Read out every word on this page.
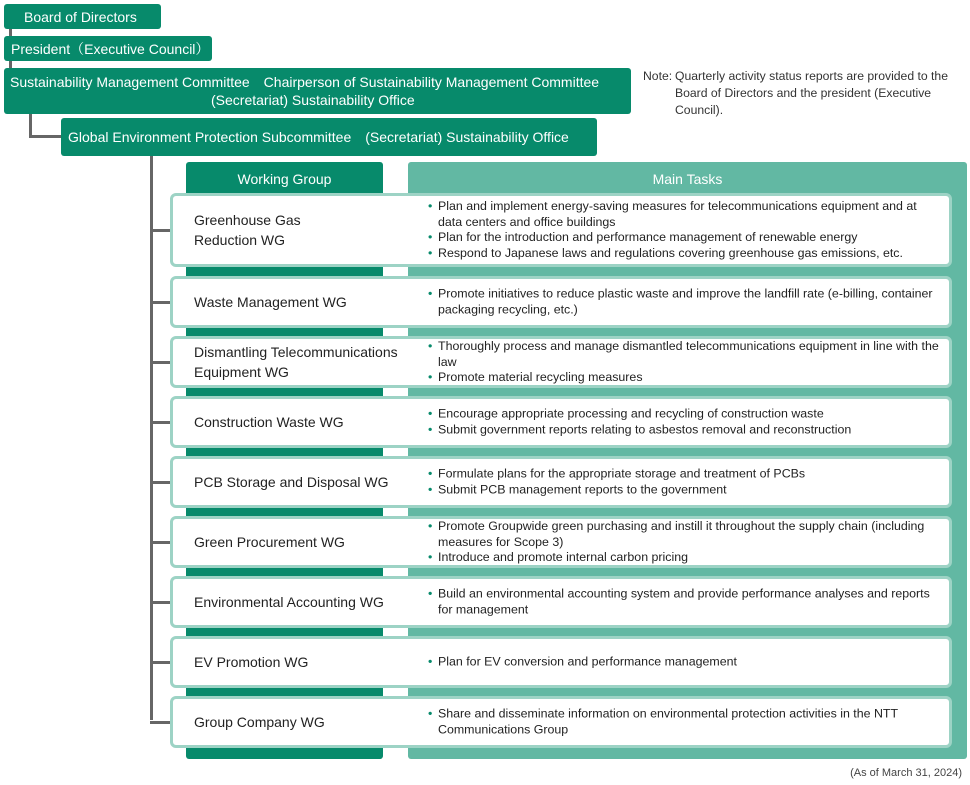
Board of Directors
President（Executive Council）
Sustainability Management Committee　Chairperson of Sustainability Management Committee
(Secretariat) Sustainability Office
Global Environment Protection Subcommittee　(Secretariat) Sustainability Office
Note: Quarterly activity status reports are provided to the
Board of Directors and the president (Executive
Council).
Working Group	Main Tasks
Greenhouse Gas
Reduction WG
• Plan and implement energy-saving measures for telecommunications equipment and at data centers and office buildings
• Plan for the introduction and performance management of renewable energy
• Respond to Japanese laws and regulations covering greenhouse gas emissions, etc.
Waste Management WG
• Promote initiatives to reduce plastic waste and improve the landfill rate (e-billing, container packaging recycling, etc.)
Dismantling Telecommunications
Equipment WG
• Thoroughly process and manage dismantled telecommunications equipment in line with the law
• Promote material recycling measures
Construction Waste WG
• Encourage appropriate processing and recycling of construction waste
• Submit government reports relating to asbestos removal and reconstruction
PCB Storage and Disposal WG
• Formulate plans for the appropriate storage and treatment of PCBs
• Submit PCB management reports to the government
Green Procurement WG
• Promote Groupwide green purchasing and instill it throughout the supply chain (including measures for Scope 3)
• Introduce and promote internal carbon pricing
Environmental Accounting WG
• Build an environmental accounting system and provide performance analyses and reports for management
EV Promotion WG
•	Plan for EV conversion and performance management
Group Company WG
• Share and disseminate information on environmental protection activities in the NTT Communications Group
(As of March 31, 2024)
